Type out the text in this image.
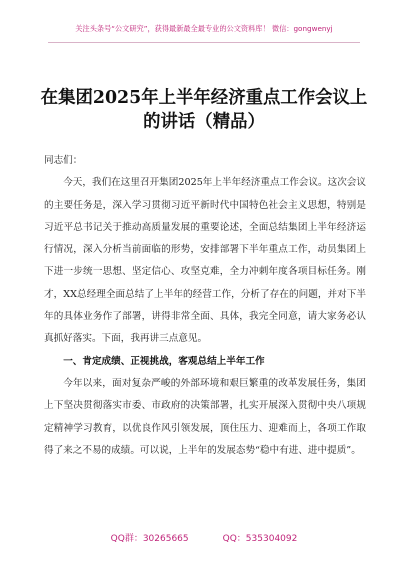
关注头条号“公文研究”，获得最新最全最专业的公文资料库！ 微信：gongwenyj
在集团2025年上半年经济重点工作会议上的讲话（精品）

同志们：

今天，我们在这里召开集团2025年上半年经济重点工作会议。这次会议的主要任务是，深入学习贯彻习近平新时代中国特色社会主义思想，特别是习近平总书记关于推动高质量发展的重要论述，全面总结集团上半年经济运行情况，深入分析当前面临的形势，安排部署下半年重点工作，动员集团上下进一步统一思想、坚定信心、攻坚克难，全力冲刺年度各项目标任务。刚才，XX总经理全面总结了上半年的经营工作，分析了存在的问题，并对下半年的具体业务作了部署，讲得非常全面、具体，我完全同意，请大家务必认真抓好落实。下面，我再讲三点意见。

一、肯定成绩、正视挑战，客观总结上半年工作

今年以来，面对复杂严峻的外部环境和艰巨繁重的改革发展任务，集团上下坚决贯彻落实市委、市政府的决策部署，扎实开展深入贯彻中央八项规定精神学习教育，以优良作风引领发展，顶住压力、迎难而上，各项工作取得了来之不易的成绩。可以说，上半年的发展态势“稳中有进、进中提质”。

QQ群：30265665	QQ：535304092
